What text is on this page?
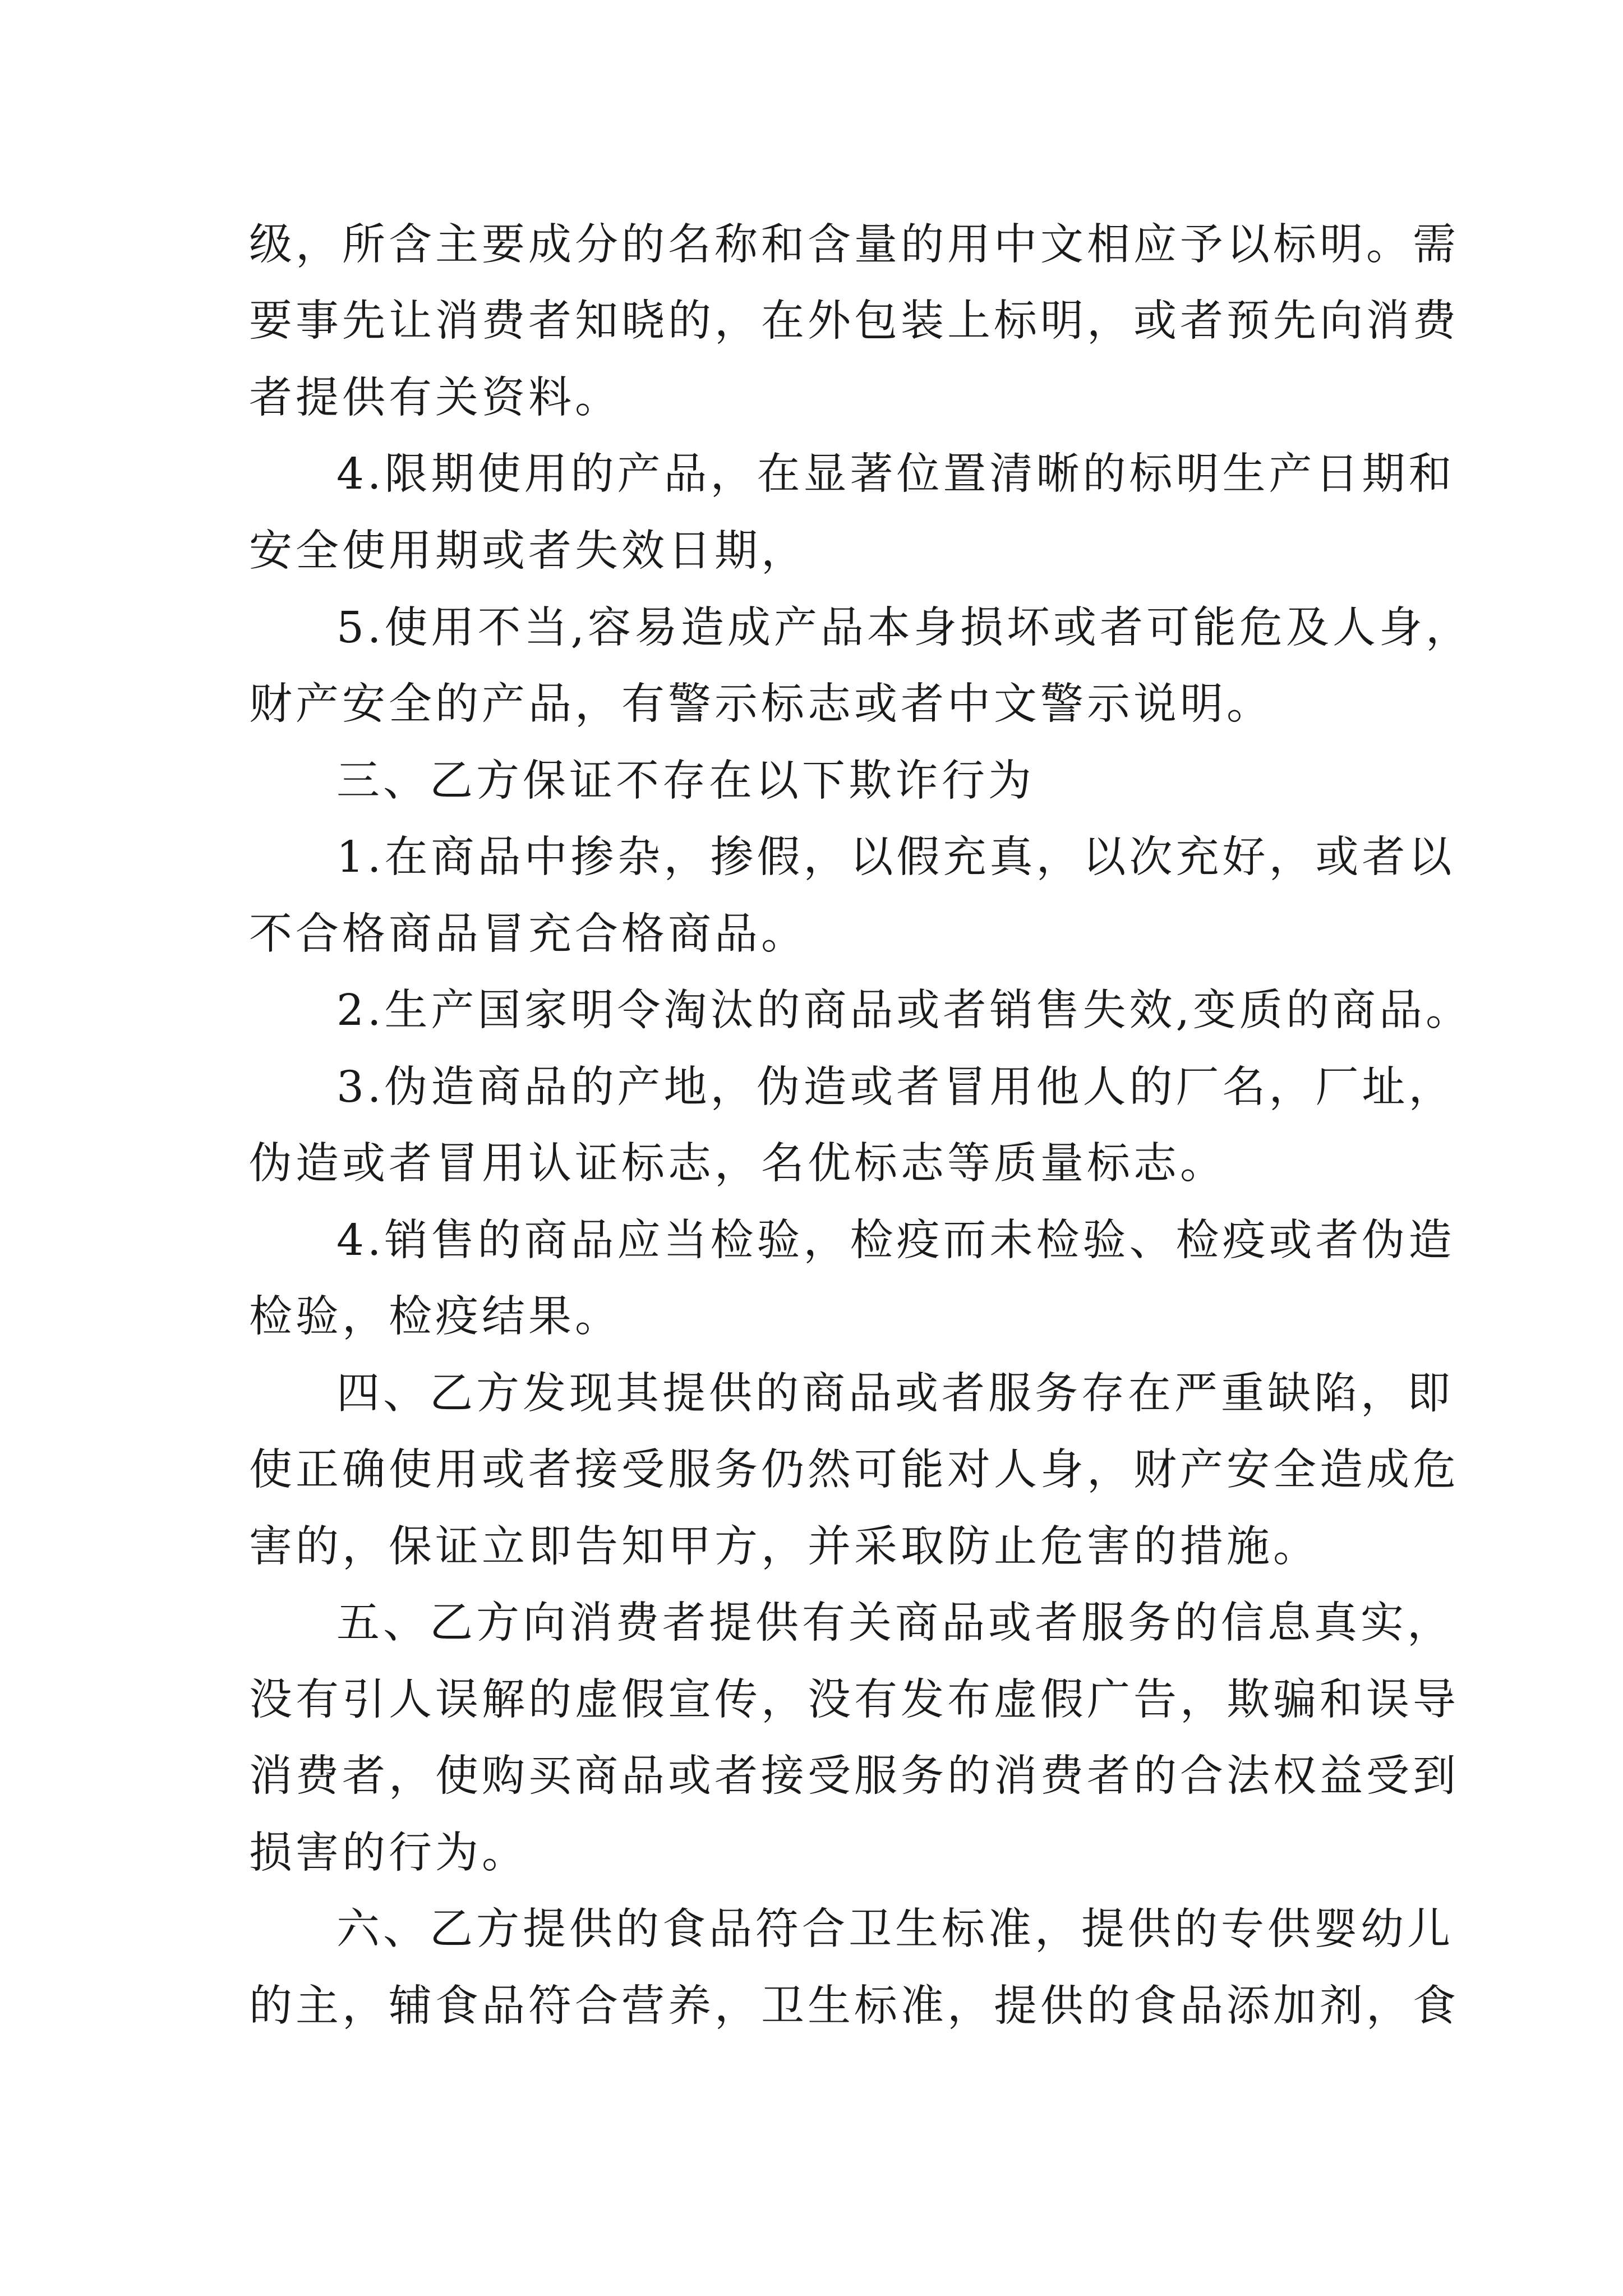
级，所含主要成分的名称和含量的用中文相应予以标明。需
要事先让消费者知晓的，在外包装上标明，或者预先向消费
者提供有关资料。
4.限期使用的产品，在显著位置清晰的标明生产日期和
安全使用期或者失效日期，
5.使用不当,容易造成产品本身损坏或者可能危及人身，
财产安全的产品，有警示标志或者中文警示说明。
三、乙方保证不存在以下欺诈行为
1.在商品中掺杂，掺假，以假充真，以次充好，或者以
不合格商品冒充合格商品。
2.生产国家明令淘汰的商品或者销售失效,变质的商品。
3.伪造商品的产地，伪造或者冒用他人的厂名，厂址，
伪造或者冒用认证标志，名优标志等质量标志。
4.销售的商品应当检验，检疫而未检验、检疫或者伪造
检验，检疫结果。
四、乙方发现其提供的商品或者服务存在严重缺陷，即
使正确使用或者接受服务仍然可能对人身，财产安全造成危
害的，保证立即告知甲方，并采取防止危害的措施。
五、乙方向消费者提供有关商品或者服务的信息真实，
没有引人误解的虚假宣传，没有发布虚假广告，欺骗和误导
消费者，使购买商品或者接受服务的消费者的合法权益受到
损害的行为。
六、乙方提供的食品符合卫生标准，提供的专供婴幼儿
的主，辅食品符合营养，卫生标准，提供的食品添加剂，食
